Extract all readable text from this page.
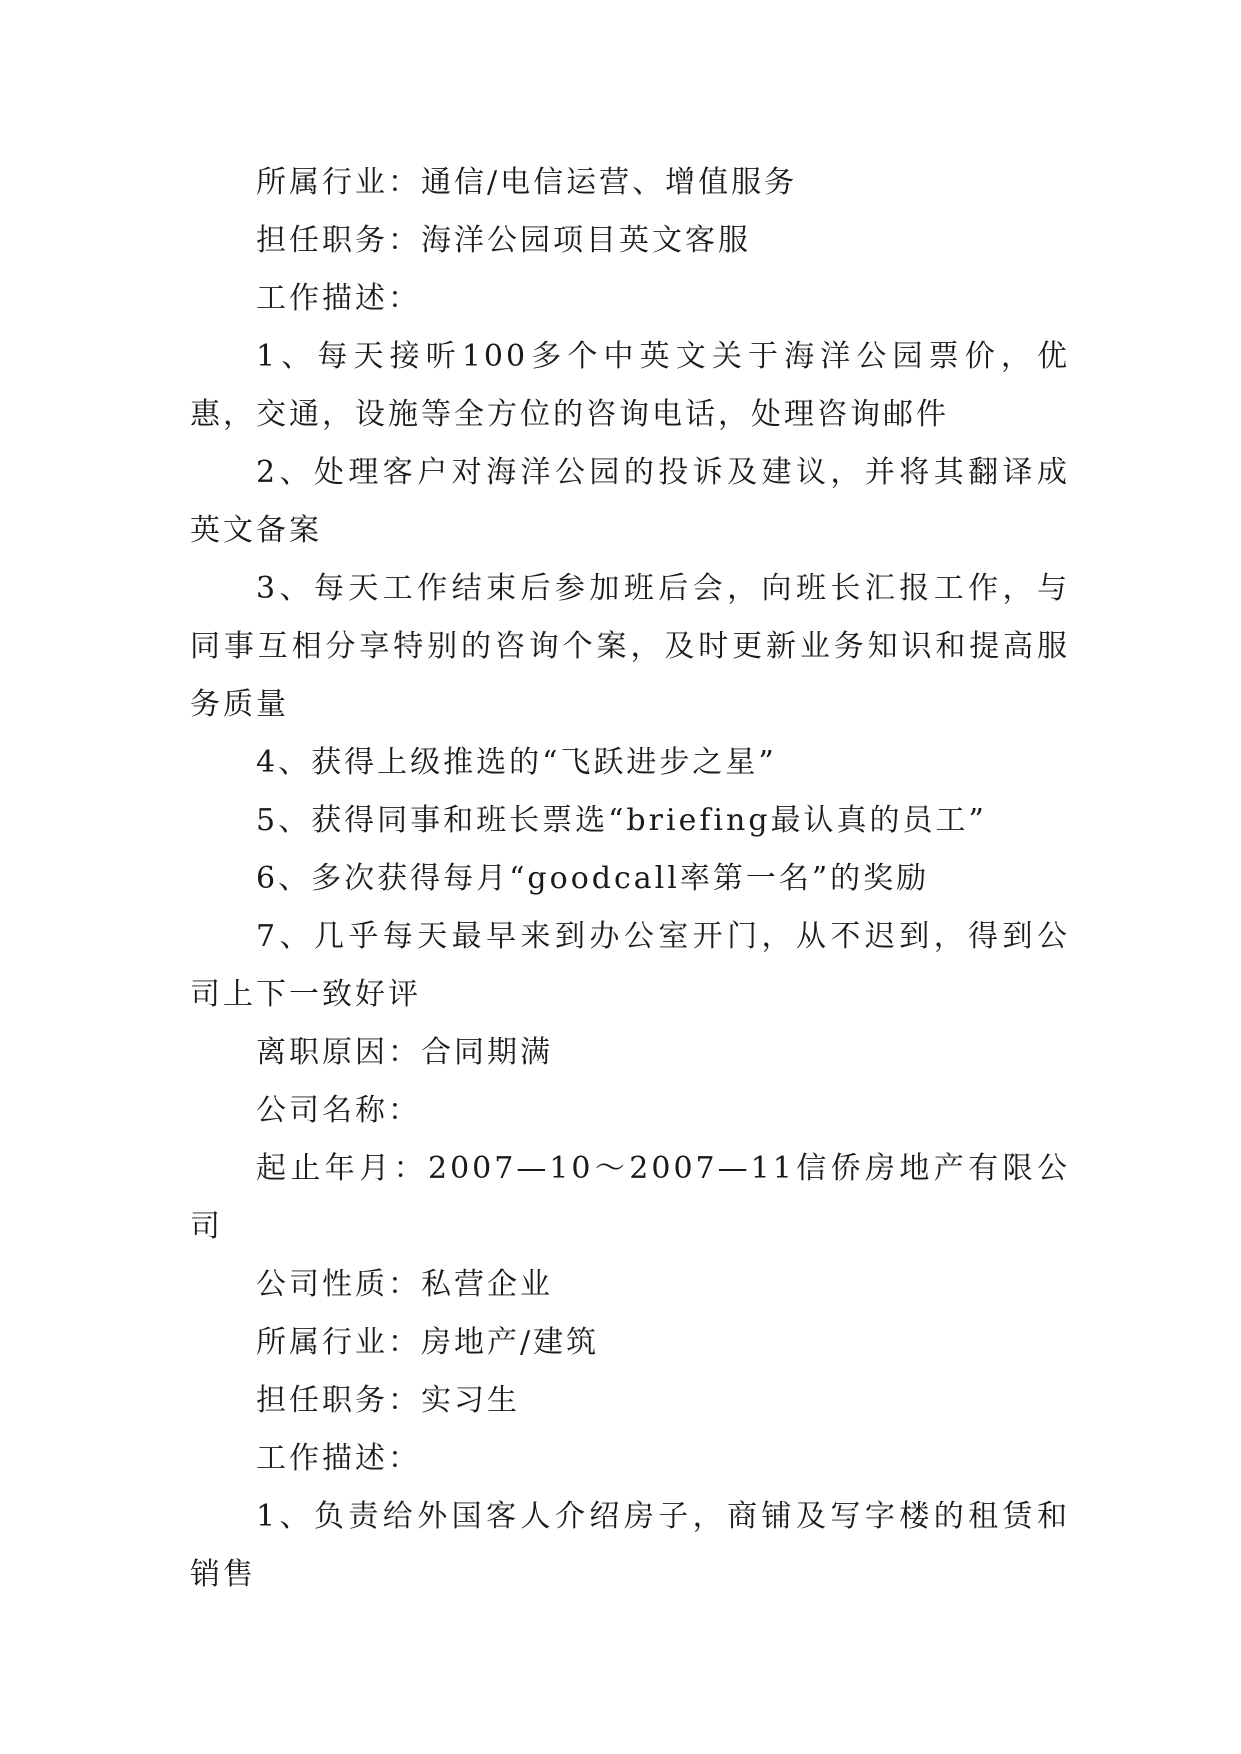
所属行业：通信/电信运营、增值服务

担任职务：海洋公园项目英文客服

工作描述：

1、每天接听100多个中英文关于海洋公园票价，优惠，交通，设施等全方位的咨询电话，处理咨询邮件

2、处理客户对海洋公园的投诉及建议，并将其翻译成英文备案

3、每天工作结束后参加班后会，向班长汇报工作，与同事互相分享特别的咨询个案，及时更新业务知识和提高服务质量

4、获得上级推选的“飞跃进步之星”

5、获得同事和班长票选“briefing最认真的员工”

6、多次获得每月“goodcall率第一名”的奖励

7、几乎每天最早来到办公室开门，从不迟到，得到公司上下一致好评

离职原因：合同期满

公司名称：

起止年月：2007—10～2007—11信侨房地产有限公司

公司性质：私营企业

所属行业：房地产/建筑

担任职务：实习生

工作描述：

1、负责给外国客人介绍房子，商铺及写字楼的租赁和销售
